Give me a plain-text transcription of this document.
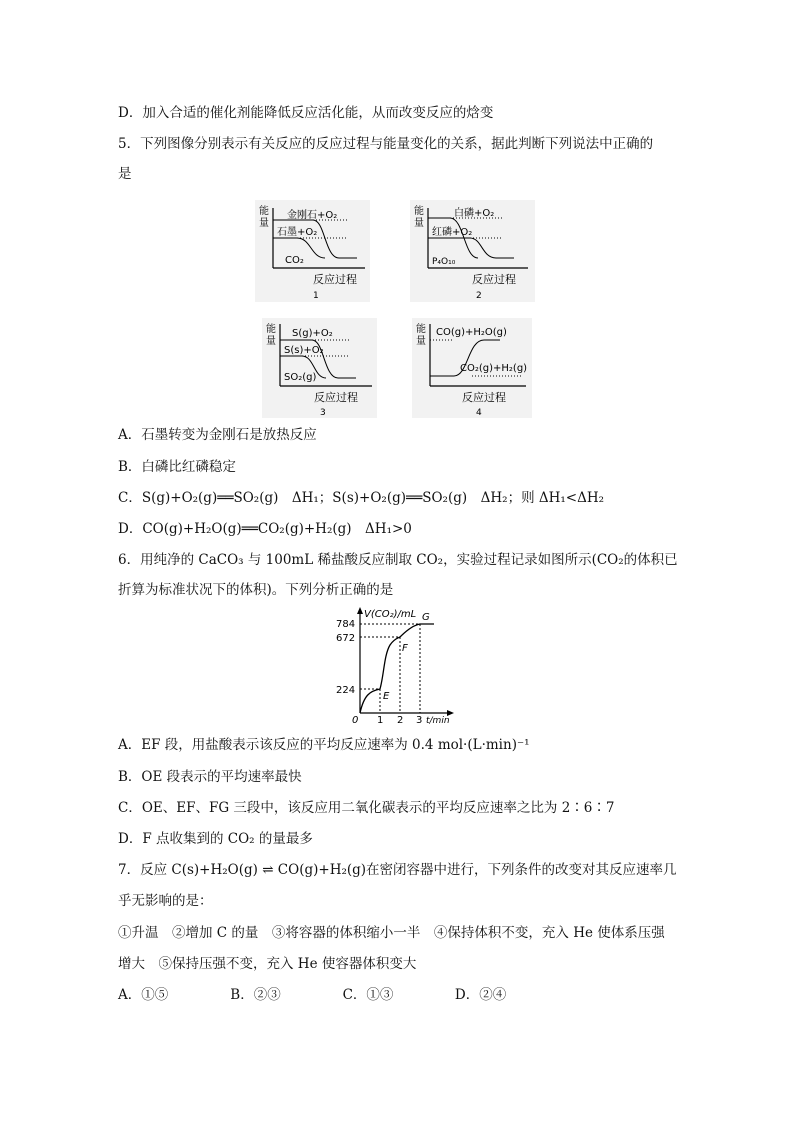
D．加入合适的催化剂能降低反应活化能，从而改变反应的焓变
5．下列图像分别表示有关反应的反应过程与能量变化的关系，据此判断下列说法中正确的
是
能
量
金刚石+O₂
石墨+O₂
CO₂
反应过程
1
能
量
白磷+O₂
红磷+O₂
P₄O₁₀
反应过程
2
能
量
S(g)+O₂
S(s)+O₂
SO₂(g)
反应过程
3
能
量
CO(g)+H₂O(g)
CO₂(g)+H₂(g)
反应过程
4
A．石墨转变为金刚石是放热反应
B．白磷比红磷稳定
C．S(g)+O₂(g)══SO₂(g)　ΔH₁；S(s)+O₂(g)══SO₂(g)　ΔH₂；则 ΔH₁<ΔH₂
D．CO(g)+H₂O(g)══CO₂(g)+H₂(g)　ΔH₁>0
6．用纯净的 CaCO₃ 与 100mL 稀盐酸反应制取 CO₂，实验过程记录如图所示(CO₂的体积已
折算为标准状况下的体积)。下列分析正确的是
V(CO₂)/mL
t/min
0 1 2 3
224
672
784
E
F
G
A．EF 段，用盐酸表示该反应的平均反应速率为 0.4 mol·(L·min)⁻¹
B．OE 段表示的平均速率最快
C．OE、EF、FG 三段中，该反应用二氧化碳表示的平均反应速率之比为 2∶6∶7
D．F 点收集到的 CO₂ 的量最多
7．反应 C(s)+H₂O(g) ⇌ CO(g)+H₂(g)在密闭容器中进行，下列条件的改变对其反应速率几
乎无影响的是：
①升温　②增加 C 的量　③将容器的体积缩小一半　④保持体积不变，充入 He 使体系压强
增大　⑤保持压强不变，充入 He 使容器体积变大
A．①⑤	B．②③	C．①③	D．②④
